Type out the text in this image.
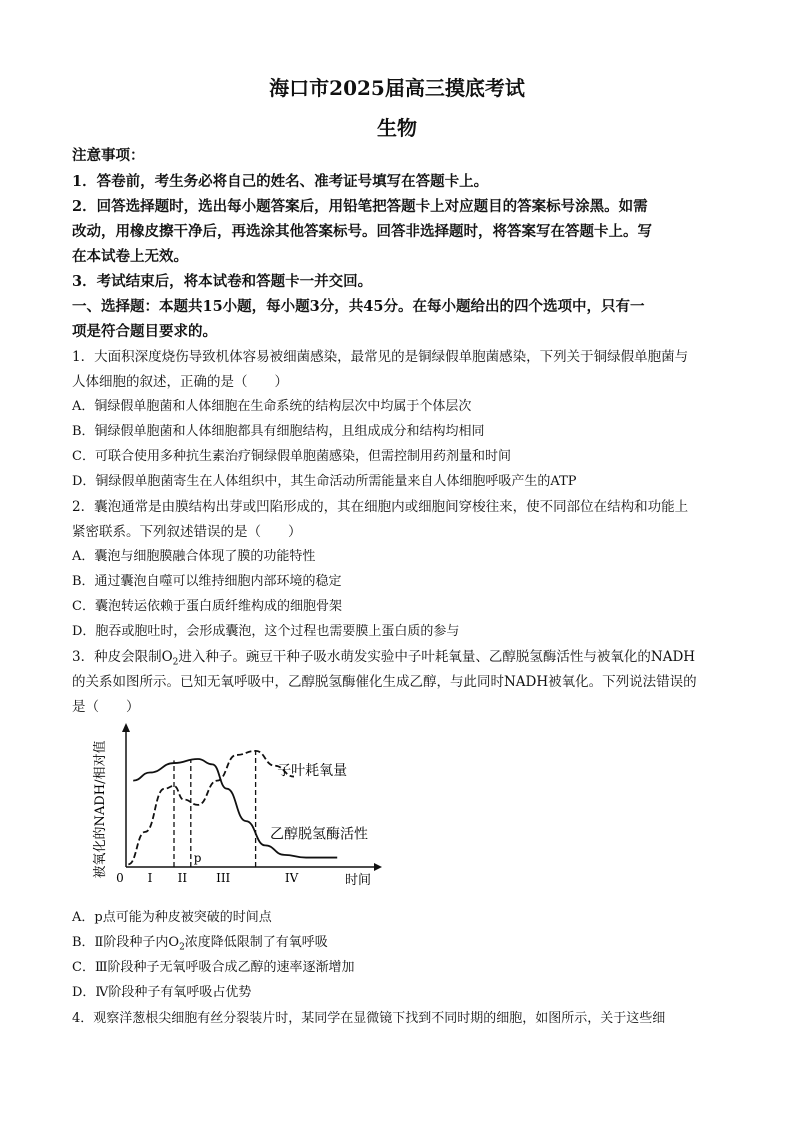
海口市2025届高三摸底考试
生物
注意事项：
1．答卷前，考生务必将自己的姓名、准考证号填写在答题卡上。
2．回答选择题时，选出每小题答案后，用铅笔把答题卡上对应题目的答案标号涂黑。如需
改动，用橡皮擦干净后，再选涂其他答案标号。回答非选择题时，将答案写在答题卡上。写
在本试卷上无效。
3．考试结束后，将本试卷和答题卡一并交回。
一、选择题：本题共15小题，每小题3分，共45分。在每小题给出的四个选项中，只有一
项是符合题目要求的。
1．大面积深度烧伤导致机体容易被细菌感染，最常见的是铜绿假单胞菌感染，下列关于铜绿假单胞菌与
人体细胞的叙述，正确的是（　　）
A．铜绿假单胞菌和人体细胞在生命系统的结构层次中均属于个体层次
B．铜绿假单胞菌和人体细胞都具有细胞结构，且组成成分和结构均相同
C．可联合使用多种抗生素治疗铜绿假单胞菌感染，但需控制用药剂量和时间
D．铜绿假单胞菌寄生在人体组织中，其生命活动所需能量来自人体细胞呼吸产生的ATP
2．囊泡通常是由膜结构出芽或凹陷形成的，其在细胞内或细胞间穿梭往来，使不同部位在结构和功能上
紧密联系。下列叙述错误的是（　　）
A．囊泡与细胞膜融合体现了膜的功能特性
B．通过囊泡自噬可以维持细胞内部环境的稳定
C．囊泡转运依赖于蛋白质纤维构成的细胞骨架
D．胞吞或胞吐时，会形成囊泡，这个过程也需要膜上蛋白质的参与
3．种皮会限制$O_2$进入种子。豌豆干种子吸水萌发实验中子叶耗氧量、乙醇脱氢酶活性与被氧化的NADH
的关系如图所示。已知无氧呼吸中，乙醇脱氢酶催化生成乙醇，与此同时NADH被氧化。下列说法错误的
是（　　）
0	时间
被氧化的NADH/相对值	I II III	IV
p
子叶耗氧量
乙醇脱氢酶活性
A．p点可能为种皮被突破的时间点
B．Ⅱ阶段种子内$O_2$浓度降低限制了有氧呼吸
C．Ⅲ阶段种子无氧呼吸合成乙醇的速率逐渐增加
D．Ⅳ阶段种子有氧呼吸占优势
4．观察洋葱根尖细胞有丝分裂装片时，某同学在显微镜下找到不同时期的细胞，如图所示，关于这些细
